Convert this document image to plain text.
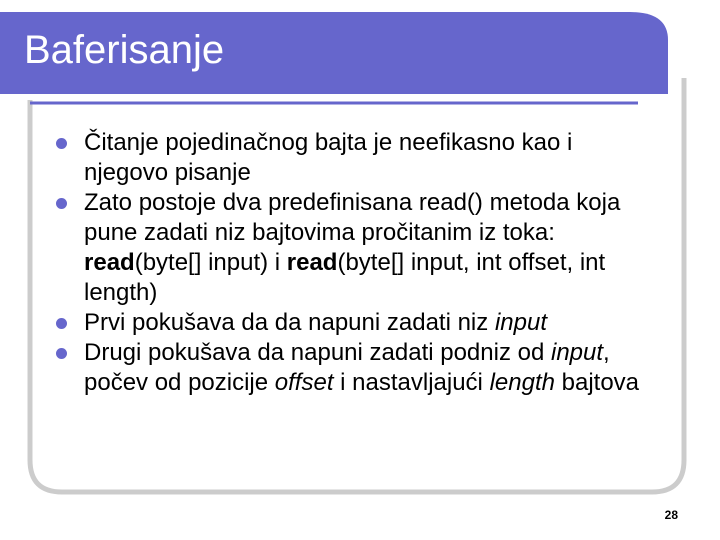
Baferisanje
Čitanje pojedinačnog bajta je neefikasno kao i njegovo pisanje
Zato postoje dva predefinisana read() metoda koja pune zadati niz bajtovima pročitanim iz toka: read(byte[] input) i read(byte[] input, int offset, int length)
Prvi pokušava da da napuni zadati niz input
Drugi pokušava da napuni zadati podniz od input, počev od pozicije offset i nastavljajući length bajtova
28
